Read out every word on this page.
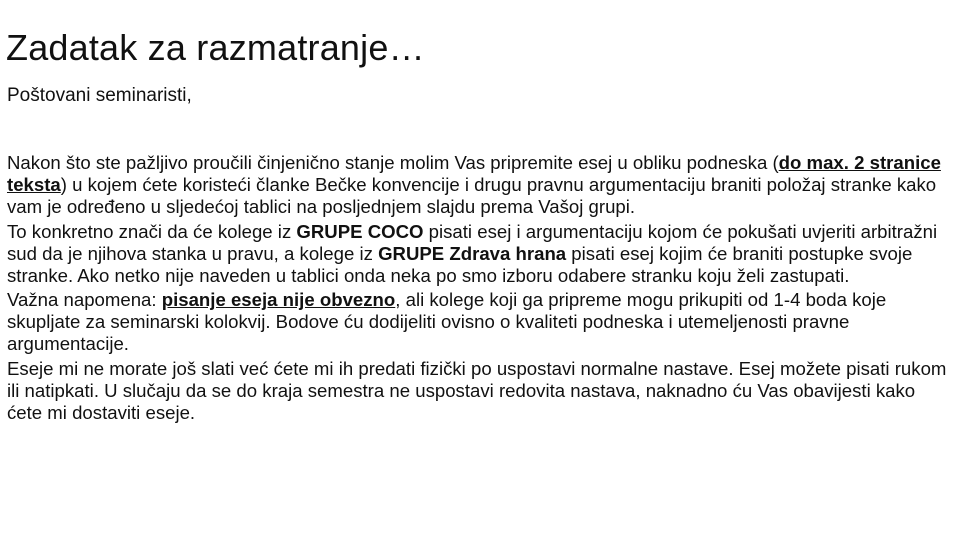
Zadatak za razmatranje…
Poštovani seminaristi,

Nakon što ste pažljivo proučili činjenično stanje molim Vas pripremite esej u obliku podneska (do max. 2 stranice teksta) u kojem ćete koristeći članke Bečke konvencije i drugu pravnu argumentaciju braniti položaj stranke kako vam je određeno u sljedećoj tablici na posljednjem slajdu prema Vašoj grupi.

To konkretno znači da će kolege iz GRUPE COCO pisati esej i argumentaciju kojom će pokušati uvjeriti arbitražni sud da je njihova stanka u pravu, a kolege iz GRUPE Zdrava hrana pisati esej kojim će braniti postupke svoje stranke. Ako netko nije naveden u tablici onda neka po smo izboru odabere stranku koju želi zastupati.

Važna napomena: pisanje eseja nije obvezno, ali kolege koji ga pripreme mogu prikupiti od 1-4 boda koje skupljate za seminarski kolokvij. Bodove ću dodijeliti ovisno o kvaliteti podneska i utemeljenosti pravne argumentacije.

Eseje mi ne morate još slati već ćete mi ih predati fizički po uspostavi normalne nastave. Esej možete pisati rukom ili natipkati. U slučaju da se do kraja semestra ne uspostavi redovita nastava, naknadno ću Vas obavijesti kako ćete mi dostaviti eseje.
